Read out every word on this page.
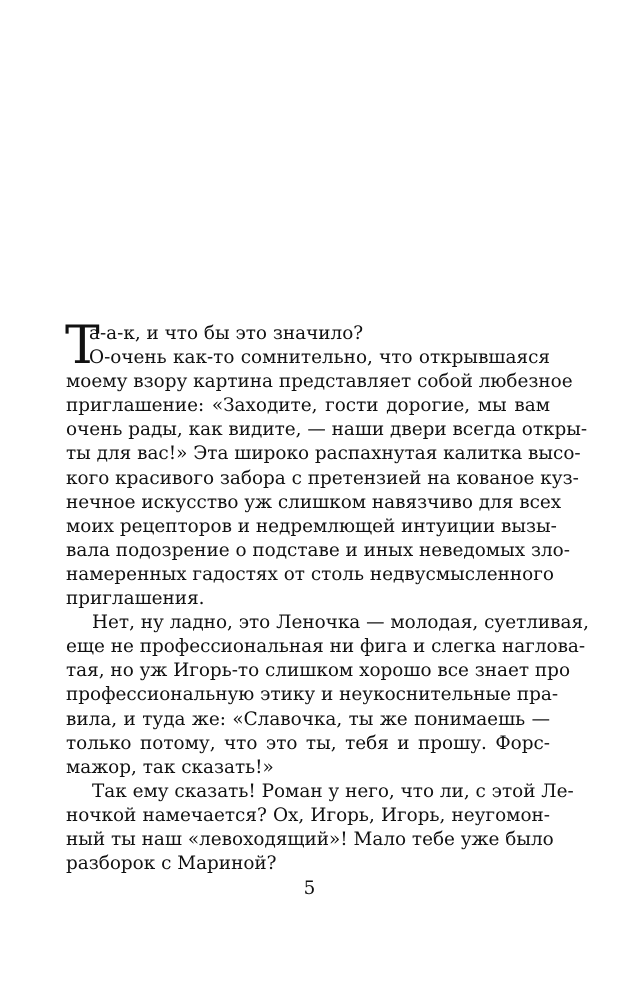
Т
а-а-к, и что бы это значило?
О-очень как-то сомнительно, что открывшаяся
моему взору картина представляет собой любезное
приглашение: «Заходите, гости дорогие, мы вам
очень рады, как видите, — наши двери всегда откры-
ты для вас!» Эта широко распахнутая калитка высо-
кого красивого забора с претензией на кованое куз-
нечное искусство уж слишком навязчиво для всех
моих рецепторов и недремлющей интуиции вызы-
вала подозрение о подставе и иных неведомых зло-
намеренных гадостях от столь недвусмысленного
приглашения.
Нет, ну ладно, это Леночка — молодая, суетливая,
еще не профессиональная ни фига и слегка наглова-
тая, но уж Игорь-то слишком хорошо все знает про
профессиональную этику и неукоснительные пра-
вила, и туда же: «Славочка, ты же понимаешь —
только потому, что это ты, тебя и прошу. Форс-
мажор, так сказать!»
Так ему сказать! Роман у него, что ли, с этой Ле-
ночкой намечается? Ох, Игорь, Игорь, неугомон-
ный ты наш «левоходящий»! Мало тебе уже было
разборок с Мариной?
5
